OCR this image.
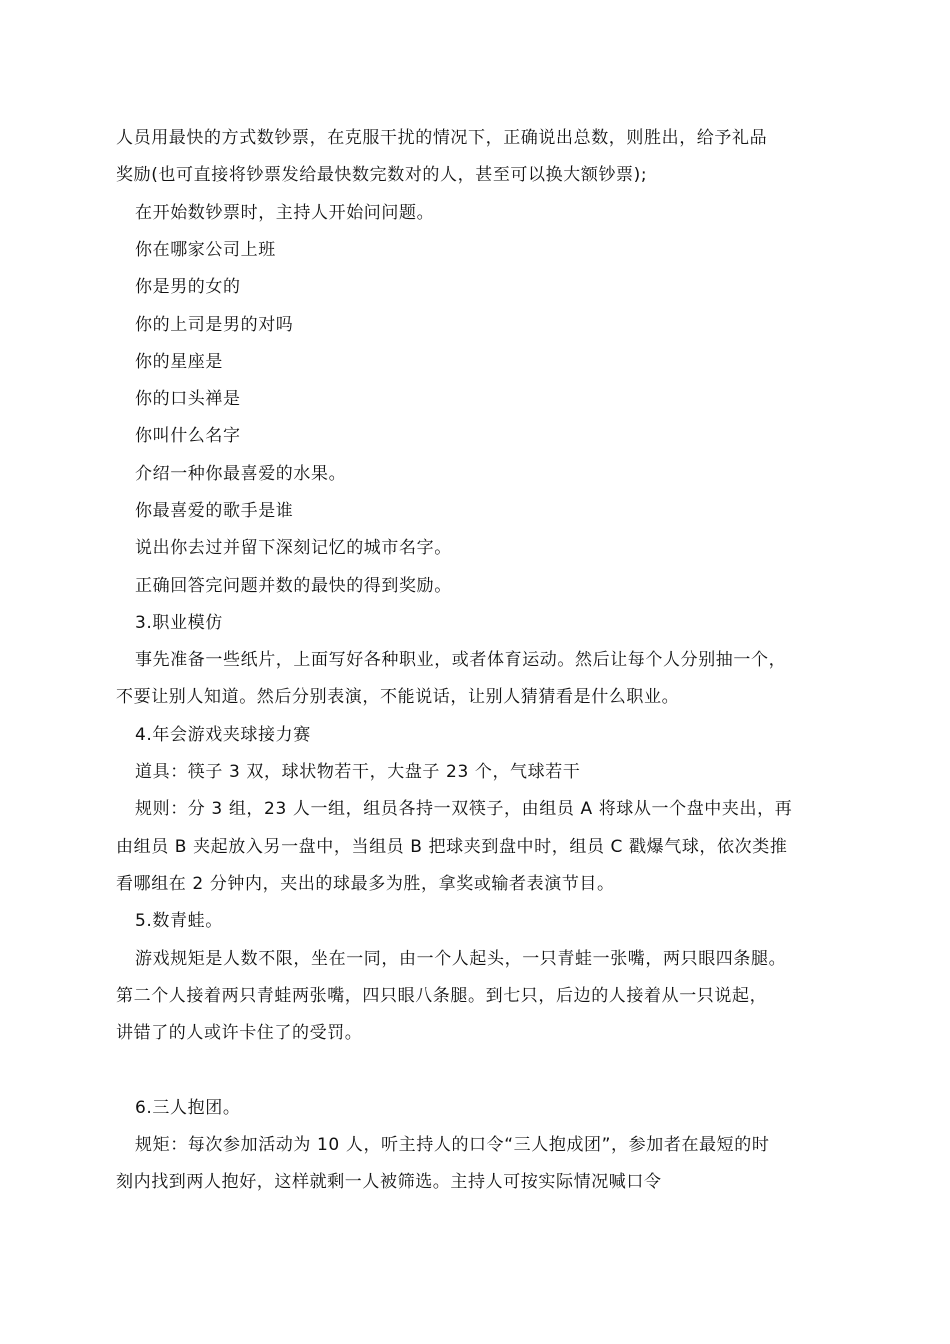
人员用最快的方式数钞票，在克服干扰的情况下，正确说出总数，则胜出，给予礼品
奖励(也可直接将钞票发给最快数完数对的人，甚至可以换大额钞票);
在开始数钞票时，主持人开始问问题。
你在哪家公司上班
你是男的女的
你的上司是男的对吗
你的星座是
你的口头禅是
你叫什么名字
介绍一种你最喜爱的水果。
你最喜爱的歌手是谁
说出你去过并留下深刻记忆的城市名字。
正确回答完问题并数的最快的得到奖励。
3.职业模仿
事先准备一些纸片，上面写好各种职业，或者体育运动。然后让每个人分别抽一个，
不要让别人知道。然后分别表演，不能说话，让别人猜猜看是什么职业。
4.年会游戏夹球接力赛
道具：筷子 3 双，球状物若干，大盘子 23 个，气球若干
规则：分 3 组，23 人一组，组员各持一双筷子，由组员 A 将球从一个盘中夹出，再
由组员 B 夹起放入另一盘中，当组员 B 把球夹到盘中时，组员 C 戳爆气球，依次类推
看哪组在 2 分钟内，夹出的球最多为胜，拿奖或输者表演节目。
5.数青蛙。
游戏规矩是人数不限，坐在一同，由一个人起头，一只青蛙一张嘴，两只眼四条腿。
第二个人接着两只青蛙两张嘴，四只眼八条腿。到七只，后边的人接着从一只说起，
讲错了的人或许卡住了的受罚。
6.三人抱团。
规矩：每次参加活动为 10 人，听主持人的口令“三人抱成团”，参加者在最短的时
刻内找到两人抱好，这样就剩一人被筛选。主持人可按实际情况喊口令
